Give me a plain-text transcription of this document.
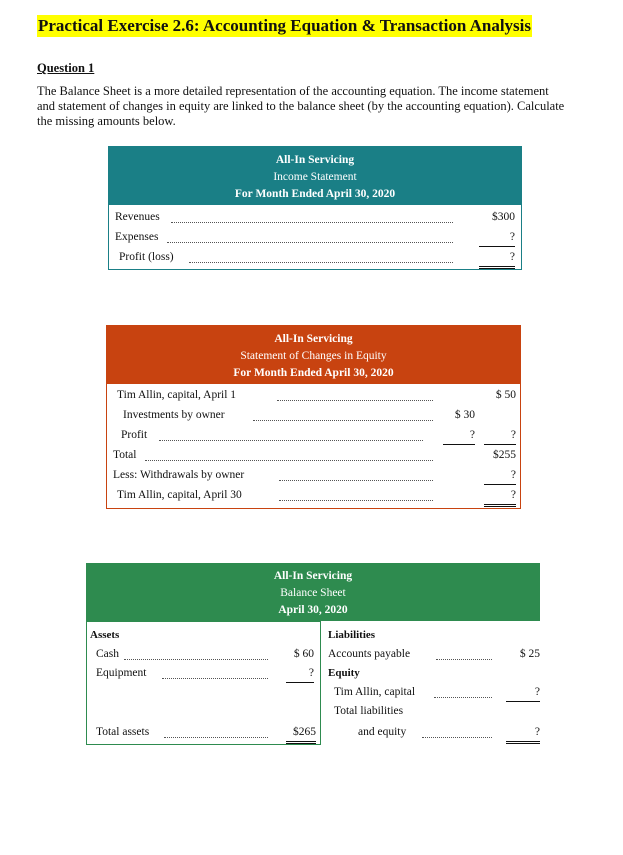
Practical Exercise 2.6: Accounting Equation & Transaction Analysis
Question 1
The Balance Sheet is a more detailed representation of the accounting equation. The income statement and statement of changes in equity are linked to the balance sheet (by the accounting equation). Calculate the missing amounts below.
All-In Servicing
Income Statement
For Month Ended April 30, 2020
Revenues	$300
Expenses	?
Profit (loss)	?
All-In Servicing
Statement of Changes in Equity
For Month Ended April 30, 2020
Tim Allin, capital, April 1	$ 50
Investments by owner	$ 30
Profit	?	?
Total	$255
Less: Withdrawals by owner	?
Tim Allin, capital, April 30	?
All-In Servicing
Balance Sheet
April 30, 2020
Assets
Cash	$ 60
Equipment	?
Total assets	$265
Liabilities
Accounts payable	$ 25
Equity
Tim Allin, capital	?
Total liabilities
and equity	?
